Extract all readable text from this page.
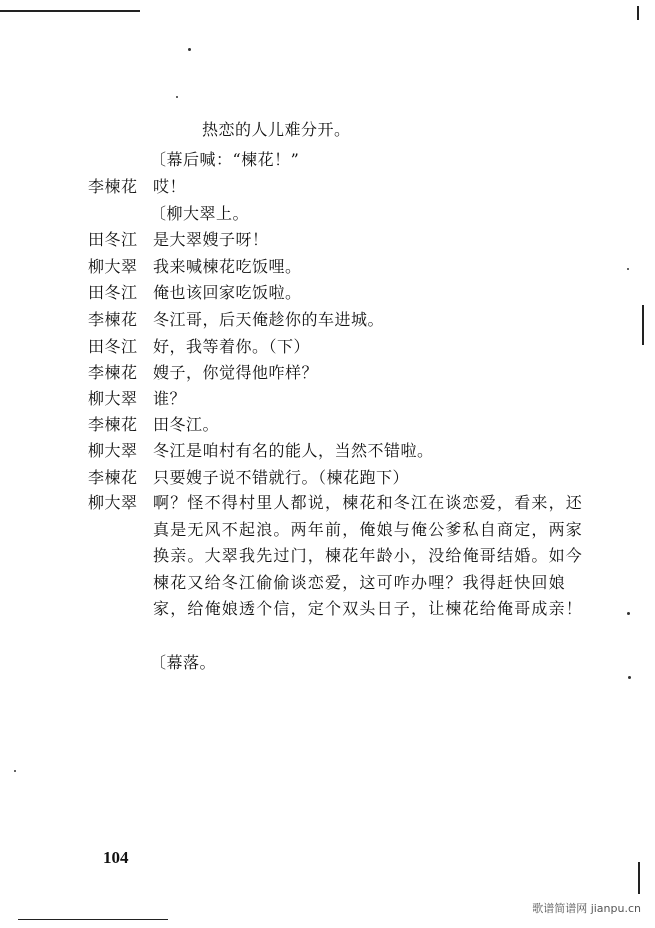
热恋的人儿难分开。
〔幕后喊：“楝花！”
李楝花 哎！
〔柳大翠上。
田冬江 是大翠嫂子呀！
柳大翠 我来喊楝花吃饭哩。
田冬江 俺也该回家吃饭啦。
李楝花 冬江哥，后天俺趁你的车进城。
田冬江 好，我等着你。（下）
李楝花 嫂子，你觉得他咋样？
柳大翠 谁？
李楝花 田冬江。
柳大翠 冬江是咱村有名的能人，当然不错啦。
李楝花 只要嫂子说不错就行。（楝花跑下）
柳大翠 啊？怪不得村里人都说，楝花和冬江在谈恋爱，看来，还真是无风不起浪。两年前，俺娘与俺公爹私自商定，两家换亲。大翠我先过门，楝花年龄小，没给俺哥结婚。如今楝花又给冬江偷偷谈恋爱，这可咋办哩？我得赶快回娘家，给俺娘透个信，定个双头日子，让楝花给俺哥成亲！
〔幕落。
104
歌谱简谱网 jianpu.cn
